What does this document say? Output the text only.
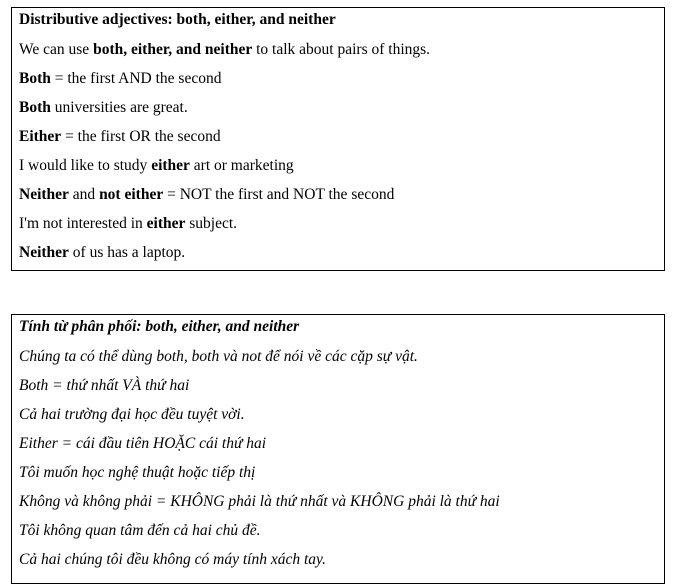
Distributive adjectives: both, either, and neither
We can use both, either, and neither to talk about pairs of things.
Both = the first AND the second
Both universities are great.
Either = the first OR the second
I would like to study either art or marketing
Neither and not either = NOT the first and NOT the second
I'm not interested in either subject.
Neither of us has a laptop.
Tính từ phân phối: both, either, and neither
Chúng ta có thể dùng both, both và not để nói về các cặp sự vật.
Both = thứ nhất VÀ thứ hai
Cả hai trường đại học đều tuyệt vời.
Either = cái đầu tiên HOẶC cái thứ hai
Tôi muốn học nghệ thuật hoặc tiếp thị
Không và không phải = KHÔNG phải là thứ nhất và KHÔNG phải là thứ hai
Tôi không quan tâm đến cả hai chủ đề.
Cả hai chúng tôi đều không có máy tính xách tay.
